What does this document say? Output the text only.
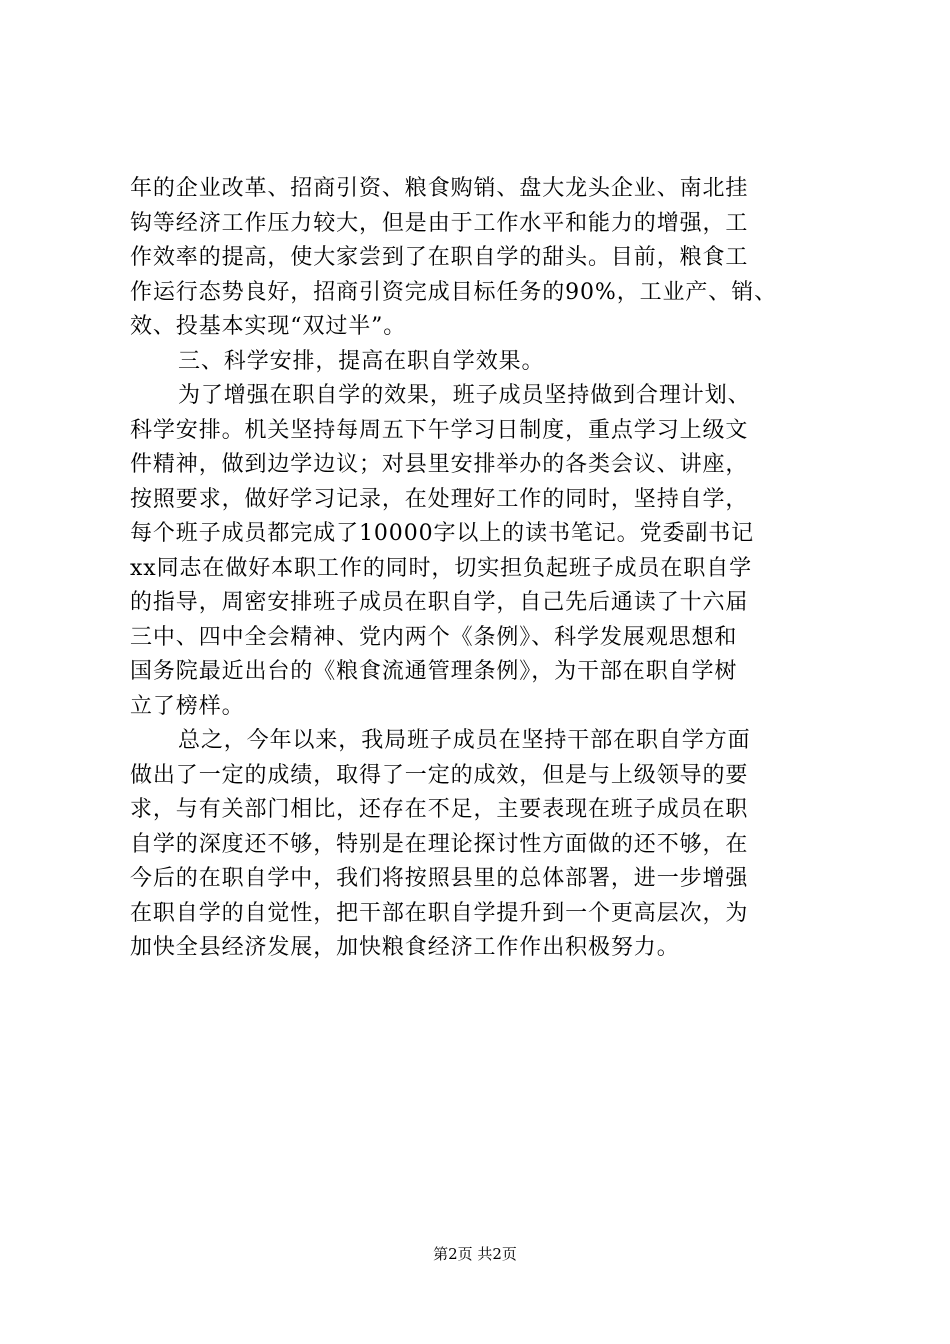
年的企业改革、招商引资、粮食购销、盘大龙头企业、南北挂
钩等经济工作压力较大，但是由于工作水平和能力的增强，工
作效率的提高，使大家尝到了在职自学的甜头。目前，粮食工
作运行态势良好，招商引资完成目标任务的90%，工业产、销、
效、投基本实现“双过半”。
三、科学安排，提高在职自学效果。
为了增强在职自学的效果，班子成员坚持做到合理计划、
科学安排。机关坚持每周五下午学习日制度，重点学习上级文
件精神，做到边学边议；对县里安排举办的各类会议、讲座，
按照要求，做好学习记录，在处理好工作的同时，坚持自学，
每个班子成员都完成了10000字以上的读书笔记。党委副书记
xx同志在做好本职工作的同时，切实担负起班子成员在职自学
的指导，周密安排班子成员在职自学，自己先后通读了十六届
三中、四中全会精神、党内两个《条例》、科学发展观思想和
国务院最近出台的《粮食流通管理条例》，为干部在职自学树
立了榜样。
总之，今年以来，我局班子成员在坚持干部在职自学方面
做出了一定的成绩，取得了一定的成效，但是与上级领导的要
求，与有关部门相比，还存在不足，主要表现在班子成员在职
自学的深度还不够，特别是在理论探讨性方面做的还不够，在
今后的在职自学中，我们将按照县里的总体部署，进一步增强
在职自学的自觉性，把干部在职自学提升到一个更高层次，为
加快全县经济发展，加快粮食经济工作作出积极努力。
第2页 共2页
